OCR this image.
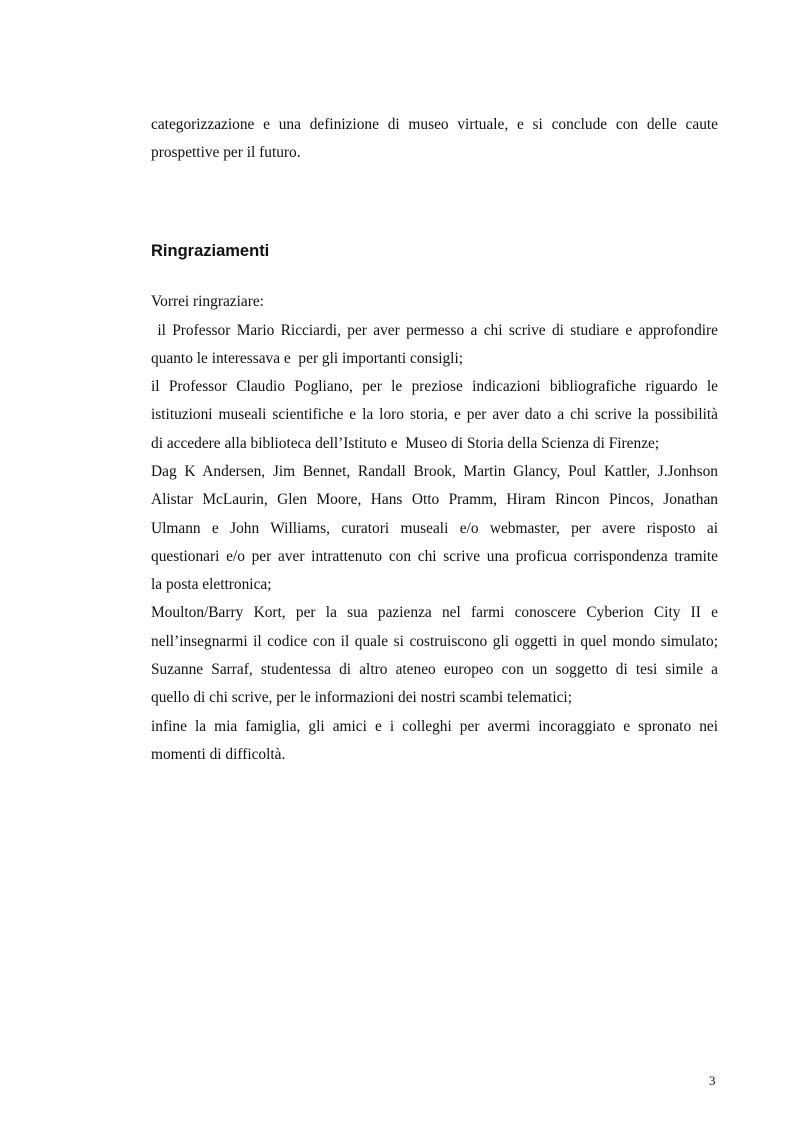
categorizzazione e una definizione di museo virtuale, e si conclude con delle caute
prospettive per il futuro.
Ringraziamenti
Vorrei ringraziare:
il Professor Mario Ricciardi, per aver permesso a chi scrive di studiare e approfondire
quanto le interessava e  per gli importanti consigli;
il Professor Claudio Pogliano, per le preziose indicazioni bibliografiche riguardo le
istituzioni museali scientifiche e la loro storia, e per aver dato a chi scrive la possibilità
di accedere alla biblioteca dell’Istituto e  Museo di Storia della Scienza di Firenze;
Dag K Andersen, Jim Bennet, Randall Brook, Martin Glancy, Poul Kattler, J.Jonhson
Alistar McLaurin, Glen Moore, Hans Otto Pramm, Hiram Rincon Pincos, Jonathan
Ulmann e John Williams, curatori museali e/o webmaster, per avere risposto ai
questionari e/o per aver intrattenuto con chi scrive una proficua corrispondenza tramite
la posta elettronica;
Moulton/Barry Kort, per la sua pazienza nel farmi conoscere Cyberion City II e
nell’insegnarmi il codice con il quale si costruiscono gli oggetti in quel mondo simulato;
Suzanne Sarraf, studentessa di altro ateneo europeo con un soggetto di tesi simile a
quello di chi scrive, per le informazioni dei nostri scambi telematici;
infine la mia famiglia, gli amici e i colleghi per avermi incoraggiato e spronato nei
momenti di difficoltà.
3
